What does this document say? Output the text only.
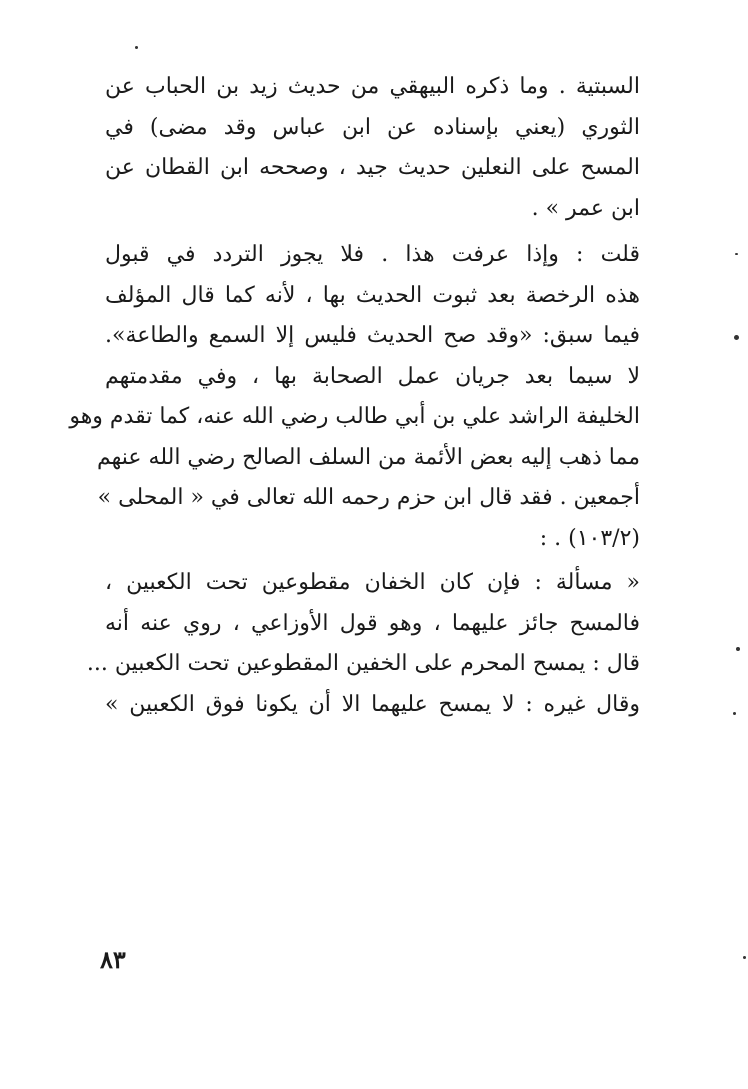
السبتية . وما ذكره البيهقي من حديث زيد بن الحباب عن
الثوري (يعني بإسناده عن ابن عباس وقد مضى) في
المسح على النعلين حديث جيد ، وصححه ابن القطان عن
ابن عمر » .
قلت : وإذا عرفت هذا . فلا يجوز التردد في قبول
هذه الرخصة بعد ثبوت الحديث بها ، لأنه كما قال المؤلف
فيما سبق: «وقد صح الحديث فليس إلا السمع والطاعة».
لا سيما بعد جريان عمل الصحابة بها ، وفي مقدمتهم
الخليفة الراشد علي بن أبي طالب رضي الله عنه، كما تقدم وهو
مما ذهب إليه بعض الأئمة من السلف الصالح رضي الله عنهم
أجمعين . فقد قال ابن حزم رحمه الله تعالى في « المحلى »
(١٠٣/٢) . :
« مسألة : فإن كان الخفان مقطوعين تحت الكعبين ،
فالمسح جائز عليهما ، وهو قول الأوزاعي ، روي عنه أنه
قال : يمسح المحرم على الخفين المقطوعين تحت الكعبين ...
وقال غيره : لا يمسح عليهما الا أن يكونا فوق الكعبين »
٨٣
